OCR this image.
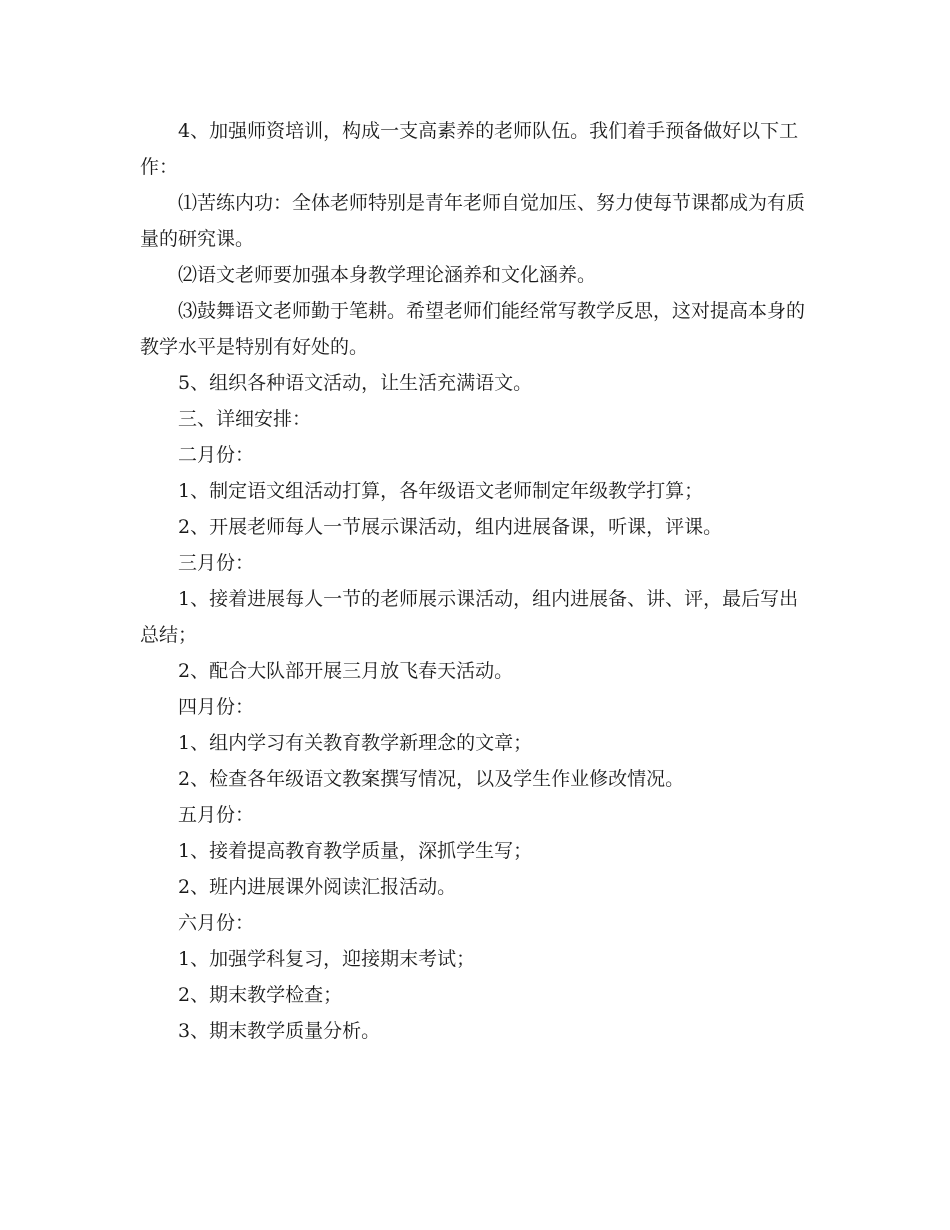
4、加强师资培训，构成一支高素养的老师队伍。我们着手预备做好以下工作：

⑴苦练内功：全体老师特别是青年老师自觉加压、努力使每节课都成为有质量的研究课。

⑵语文老师要加强本身教学理论涵养和文化涵养。

⑶鼓舞语文老师勤于笔耕。希望老师们能经常写教学反思，这对提高本身的教学水平是特别有好处的。

5、组织各种语文活动，让生活充满语文。

三、详细安排：

二月份：

1、制定语文组活动打算，各年级语文老师制定年级教学打算；

2、开展老师每人一节展示课活动，组内进展备课，听课，评课。

三月份：

1、接着进展每人一节的老师展示课活动，组内进展备、讲、评，最后写出总结；

2、配合大队部开展三月放飞春天活动。

四月份：

1、组内学习有关教育教学新理念的文章；

2、检查各年级语文教案撰写情况，以及学生作业修改情况。

五月份：

1、接着提高教育教学质量，深抓学生写；

2、班内进展课外阅读汇报活动。

六月份：

1、加强学科复习，迎接期末考试；

2、期末教学检查；

3、期末教学质量分析。
